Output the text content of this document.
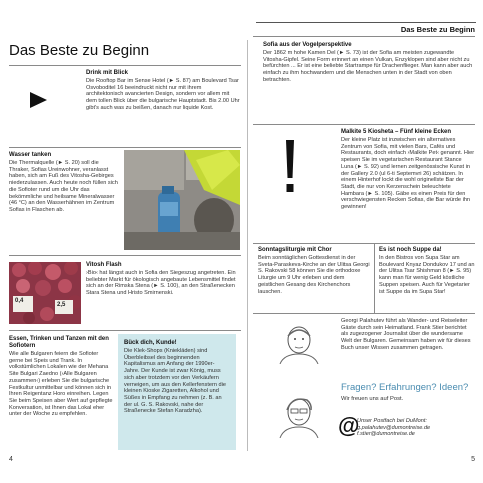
Das Beste zu Beginn
Das Beste zu Beginn

Drink mit Blick

Die Rooftop Bar im Sense Hotel (► S. 87) am Boulevard Tsar Osvoboditel 16 beeindruckt nicht nur mit ihrem architektonisch avancierten Design, sondern vor allem mit dem tollen Blick über die bulgarische Hauptstadt. Bis 2.00 Uhr gibt's auch was zu beißen, danach nur liquide Kost.

Wasser tanken

Die Thermalquelle (► S. 20) soll die Thraker, Sofias Ureinwohner, veranlasst haben, sich am Fuß des Vitosha-Gebirges niederzulassen. Auch heute noch füllen sich die Sofioter rund um die Uhr das bekömmliche und heilsame Mineralwasser (46 °C) an den Wasserhähnen im Zentrum Sofias in Flaschen ab.

0,4
2,5

Vitosh Flash

›Bio‹ hat längst auch in Sofia den Siegeszug angetreten. Ein beliebter Markt für ökologisch angebaute Lebensmittel findet sich an der Rimska Stena (► S. 100), an den Straßenecken Stara Stena und Hristo Smirnenski.

Essen, Trinken und Tanzen mit den Sofiotern

Wie alle Bulgaren feiern die Sofioter gerne bei Speis und Trank. In volkstümlichen Lokalen wie der Mehana Site Bulgari Zaedno (›Alle Bulgaren zusammen‹) erleben Sie die bulgarische Festkultur unmittelbar und können sich in Ihren Reigentanz Horo einreihen. Legen Sie beim Speisen aber Wert auf gepflegte Konversation, ist Ihnen das Lokal eher unter der Woche zu empfehlen.

Bück dich, Kunde!

Die Klek-Shops (Kniekläden) sind Überbleibsel des beginnenden Kapitalismus am Anfang der 1990er-Jahre. Der Kunde ist zwar König, muss sich aber trotzdem vor den Verkäufern verneigen, um aus den Kellerfenstern die kleinen Kioske Zigaretten, Alkohol und Süßes in Empfang zu nehmen (z. B. an der ul. G. S. Rakovski, nahe der Straßenecke Stefan Karadzha).

4

Sofia aus der Vogelperspektive

Der 1862 m hohe Kamen Del (► S. 73) ist der Sofia am meisten zugewandte Vitosha-Gipfel. Seine Form erinnert an einen Vulkan, Enzyklopen sind aber nicht zu befürchten ... Er ist eine beliebte Startrampe für Drachenflieger. Man kann aber auch einfach zu ihm hochwandern und die Menschen unten in der Stadt von oben betrachten.

Malkite 5 Kiosheta – Fünf kleine Ecken

Der kleine Platz ist inzwischen ein alternatives Zentrum von Sofia, mit vielen Bars, Cafés und Restaurants, doch einfach ›Malkite Pet‹ genannt. Hier speisen Sie im vegetarischen Restaurant Stance Luna (► S. 92) und lernen zeitgenössische Kunst in der Gallery 2.0 (ul 6-ti Septemvri 26) schätzen. In einem Hinterhof lockt die wohl originellste Bar der Stadt, die nur von Kerzenschein beleuchtete Hambara (► S. 105). Gäbe es einen Preis für den verschwiegensten Recken Sofias, die Bar würde ihn gewinnen!

Sonntagsliturgie mit Chor

Beim sonntäglichen Gottesdienst in der Sveta-Paraskeva-Kirche an der Ulitsa Georgi S. Rakovski 58 können Sie die orthodoxe Liturgie um 9 Uhr erleben und dem geistlichen Gesang des Kirchenchors lauschen.

Es ist noch Suppe da!

In den Bistros von Supa Star am Boulevard Knyaz Dondukov 17 und an der Ulitsa Tsar Shishman 8 (► S. 95) kann man für wenig Geld köstliche Suppen speisen. Auch für Vegetarier ist Suppe da im Supa Star!

Georgi Palahutev führt als Wander- und Reiseleiter Gäste durch sein Heimatland. Frank Stier berichtet als zugezogener Journalist über die wundersame Welt der Bulgaren. Gemeinsam haben wir für dieses Buch unser Wissen zusammen getragen.

Fragen? Erfahrungen? Ideen?
Wir freuen uns auf Post.
@
Unser Postfach bei DuMont:
g.palahutev@dumontreise.de
f.stier@dumontreise.de
5
